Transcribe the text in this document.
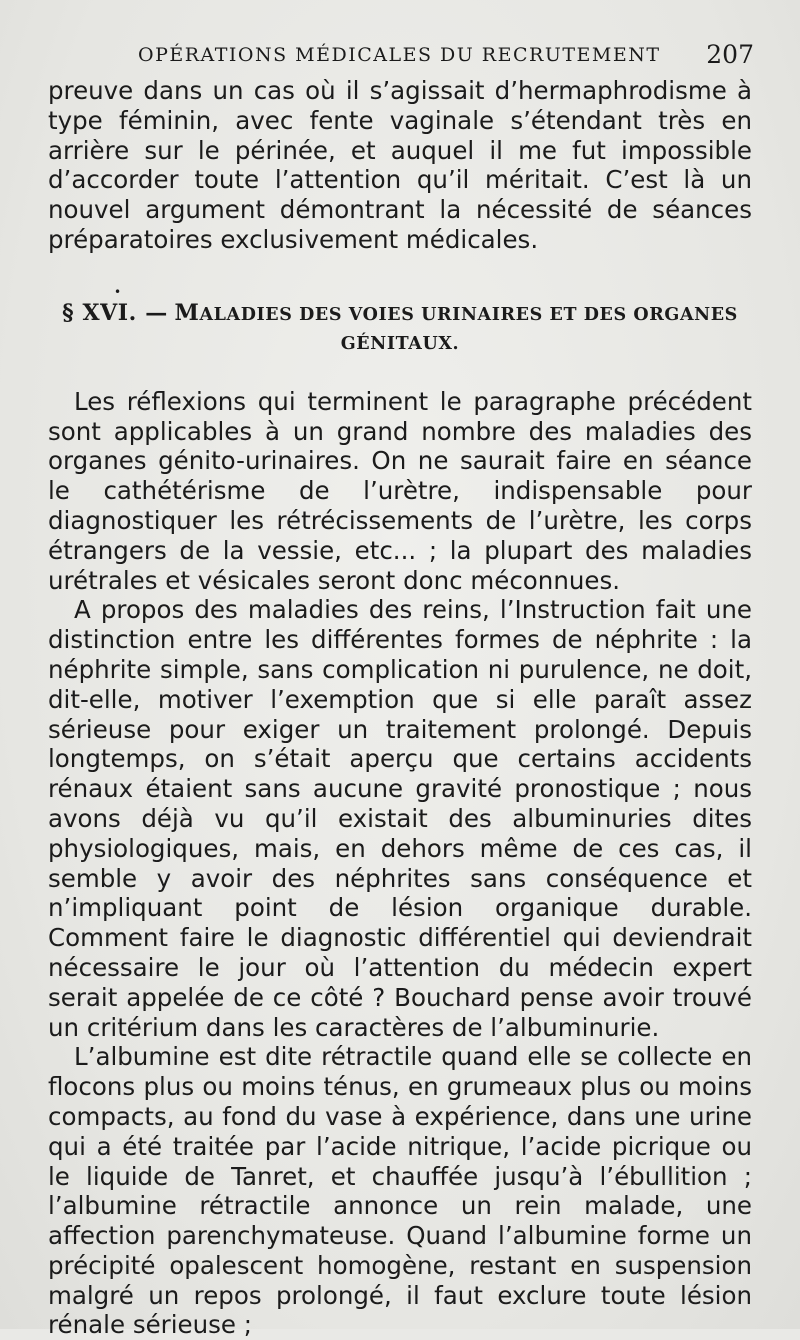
OPÉRATIONS MÉDICALES DU RECRUTEMENT 207

preuve dans un cas où il s’agissait d’hermaphrodisme à type féminin, avec fente vaginale s’étendant très en arrière sur le périnée, et auquel il me fut impossible d’accorder toute l’attention qu’il méritait. C’est là un nouvel argument démontrant la nécessité de séances préparatoires exclusivement médicales.

•
§ XVI. — MALADIES DES VOIES URINAIRES ET DES ORGANES GÉNITAUX.

Les réflexions qui terminent le paragraphe précédent sont applicables à un grand nombre des maladies des organes génito-urinaires. On ne saurait faire en séance le cathétérisme de l’urètre, indispensable pour diagnostiquer les rétrécissements de l’urètre, les corps étrangers de la vessie, etc... ; la plupart des maladies urétrales et vésicales seront donc méconnues.

A propos des maladies des reins, l’Instruction fait une distinction entre les différentes formes de néphrite : la néphrite simple, sans complication ni purulence, ne doit, dit-elle, motiver l’exemption que si elle paraît assez sérieuse pour exiger un traitement prolongé. Depuis longtemps, on s’était aperçu que certains accidents rénaux étaient sans aucune gravité pronostique ; nous avons déjà vu qu’il existait des albuminuries dites physiologiques, mais, en dehors même de ces cas, il semble y avoir des néphrites sans conséquence et n’impliquant point de lésion organique durable. Comment faire le diagnostic différentiel qui deviendrait nécessaire le jour où l’attention du médecin expert serait appelée de ce côté ? Bouchard pense avoir trouvé un critérium dans les caractères de l’albuminurie.

L’albumine est dite rétractile quand elle se collecte en flocons plus ou moins ténus, en grumeaux plus ou moins compacts, au fond du vase à expérience, dans une urine qui a été traitée par l’acide nitrique, l’acide picrique ou le liquide de Tanret, et chauffée jusqu’à l’ébullition ; l’albumine rétractile annonce un rein malade, une affection parenchymateuse. Quand l’albumine forme un précipité opalescent homogène, restant en suspension malgré un repos prolongé, il faut exclure toute lésion rénale sérieuse ;
